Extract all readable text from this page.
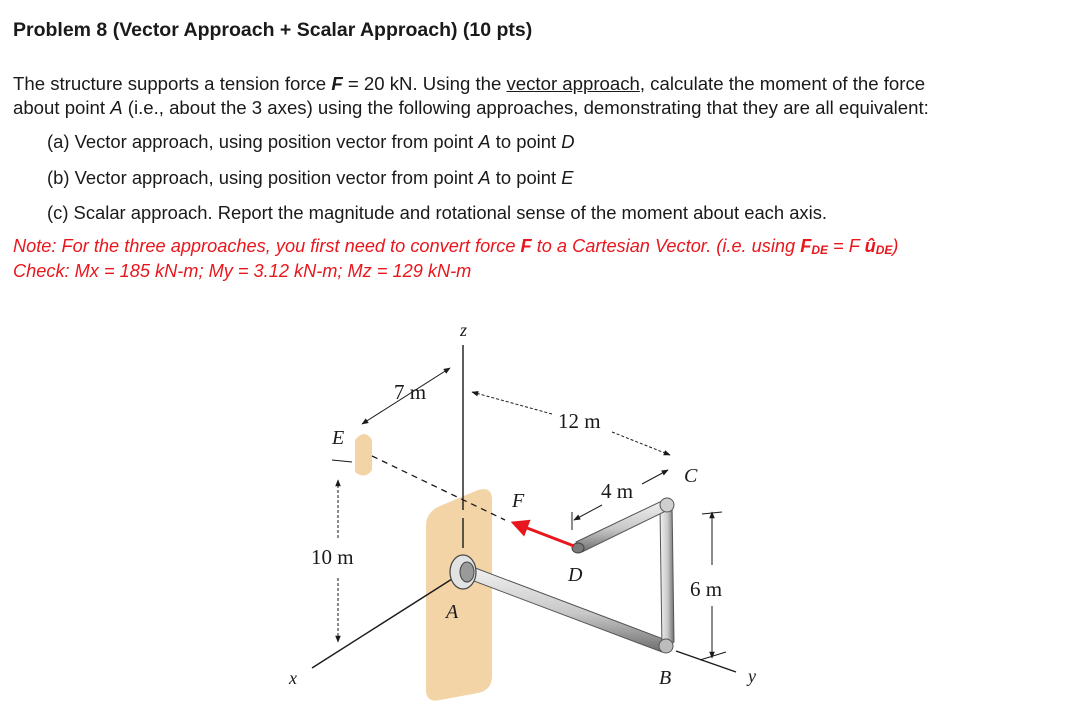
Problem 8 (Vector Approach + Scalar Approach) (10 pts)
The structure supports a tension force F = 20 kN. Using the vector approach, calculate the moment of the force
about point A (i.e., about the 3 axes) using the following approaches, demonstrating that they are all equivalent:
(a) Vector approach, using position vector from point A to point D
(b) Vector approach, using position vector from point A to point E
(c) Scalar approach. Report the magnitude and rotational sense of the moment about each axis.
Note: For the three approaches, you first need to convert force F to a Cartesian Vector. (i.e. using FDE = F ûDE)
Check: Mx = 185 kN-m; My = 3.12 kN-m; Mz = 129 kN-m
z
x	y
7 m
12 m
4 m
10 m
6 m
F
E
A
B
C
D
